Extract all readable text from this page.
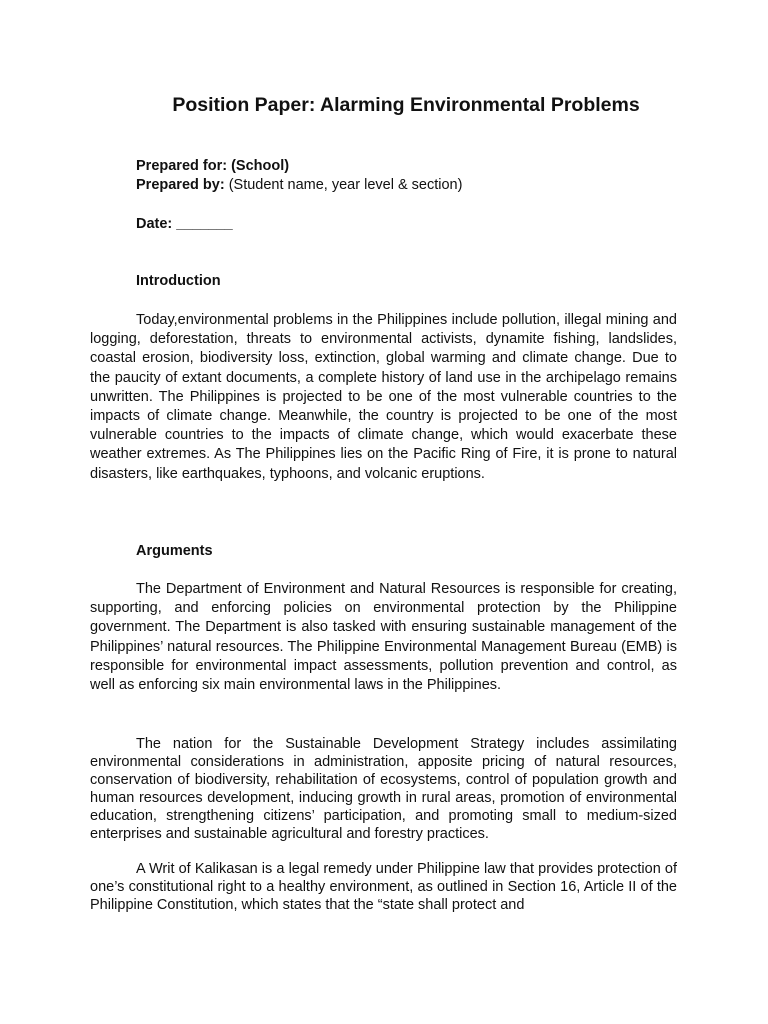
Position Paper: Alarming Environmental Problems

Prepared for: (School)

Prepared by: (Student name, year level & section)

Date: _______

Introduction

Today,environmental problems in the Philippines include pollution, illegal mining and logging, deforestation, threats to environmental activists, dynamite fishing, landslides, coastal erosion, biodiversity loss, extinction, global warming and climate change. Due to the paucity of extant documents, a complete history of land use in the archipelago remains unwritten. The Philippines is projected to be one of the most vulnerable countries to the impacts of climate change. Meanwhile, the country is projected to be one of the most vulnerable countries to the impacts of climate change, which would exacerbate these weather extremes. As The Philippines lies on the Pacific Ring of Fire, it is prone to natural disasters, like earthquakes, typhoons, and volcanic eruptions.

Arguments

The Department of Environment and Natural Resources is responsible for creating, supporting, and enforcing policies on environmental protection by the Philippine government. The Department is also tasked with ensuring sustainable management of the Philippines’ natural resources. The Philippine Environmental Management Bureau (EMB) is responsible for environmental impact assessments, pollution prevention and control, as well as enforcing six main environmental laws in the Philippines.

The nation for the Sustainable Development Strategy includes assimilating environmental considerations in administration, apposite pricing of natural resources, conservation of biodiversity, rehabilitation of ecosystems, control of population growth and human resources development, inducing growth in rural areas, promotion of environmental education, strengthening citizens’ participation, and promoting small to medium-sized enterprises and sustainable agricultural and forestry practices.

A Writ of Kalikasan is a legal remedy under Philippine law that provides protection of one’s constitutional right to a healthy environment, as outlined in Section 16, Article II of the Philippine Constitution, which states that the “state shall protect and
